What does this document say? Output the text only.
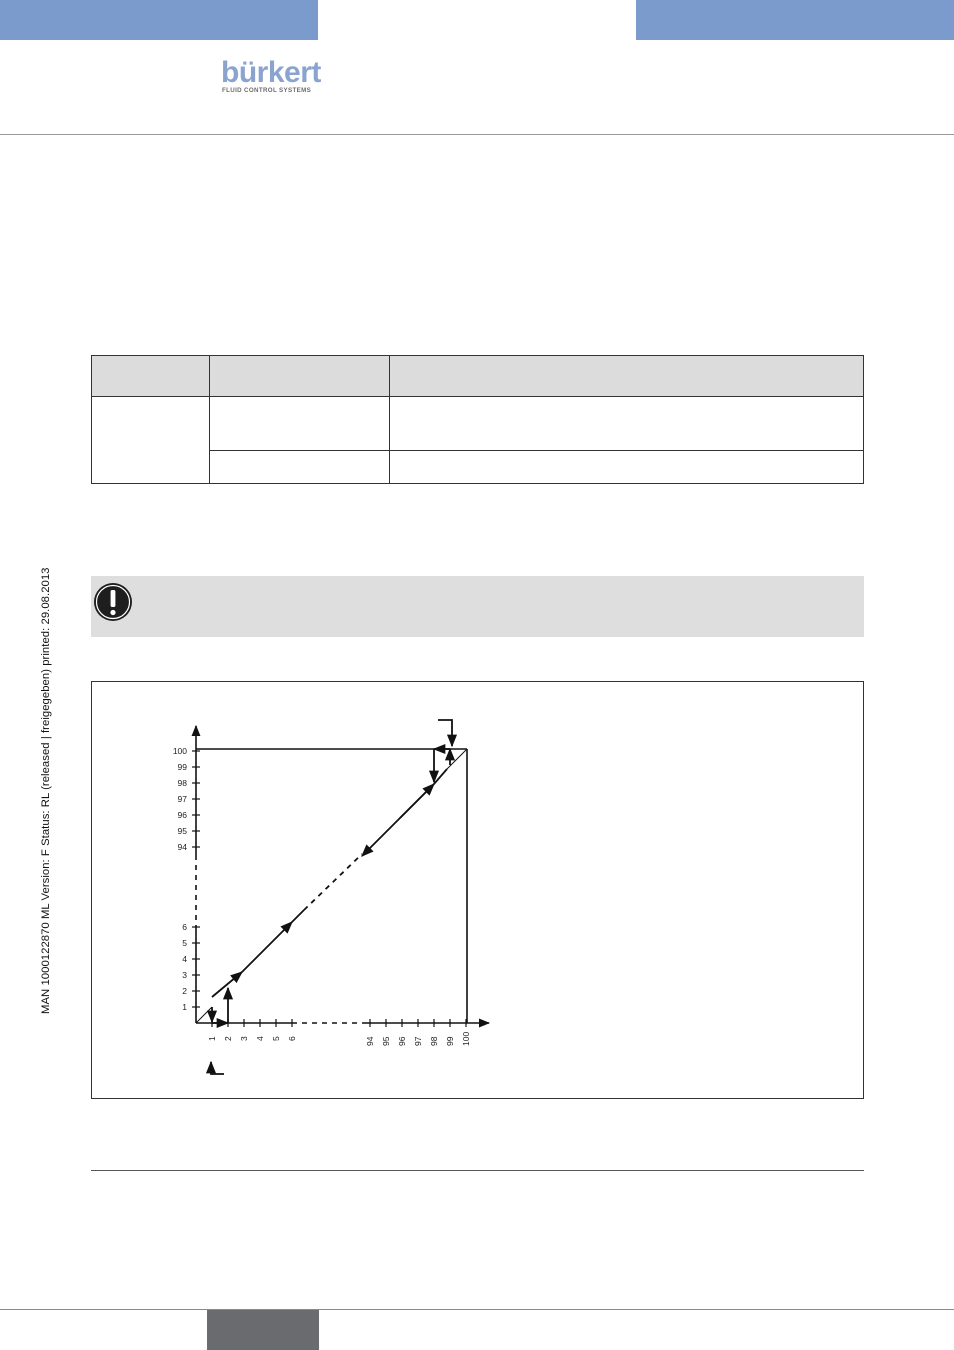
bürkert
FLUID CONTROL SYSTEMS

1 2 3 4 5 6	94 95 96 97 98 99 100
1
2
3
4
5
6
94
95
96
97
98
99
100
MAN 1000122870 ML Version: F Status: RL (released | freigegeben) printed: 29.08.2013
